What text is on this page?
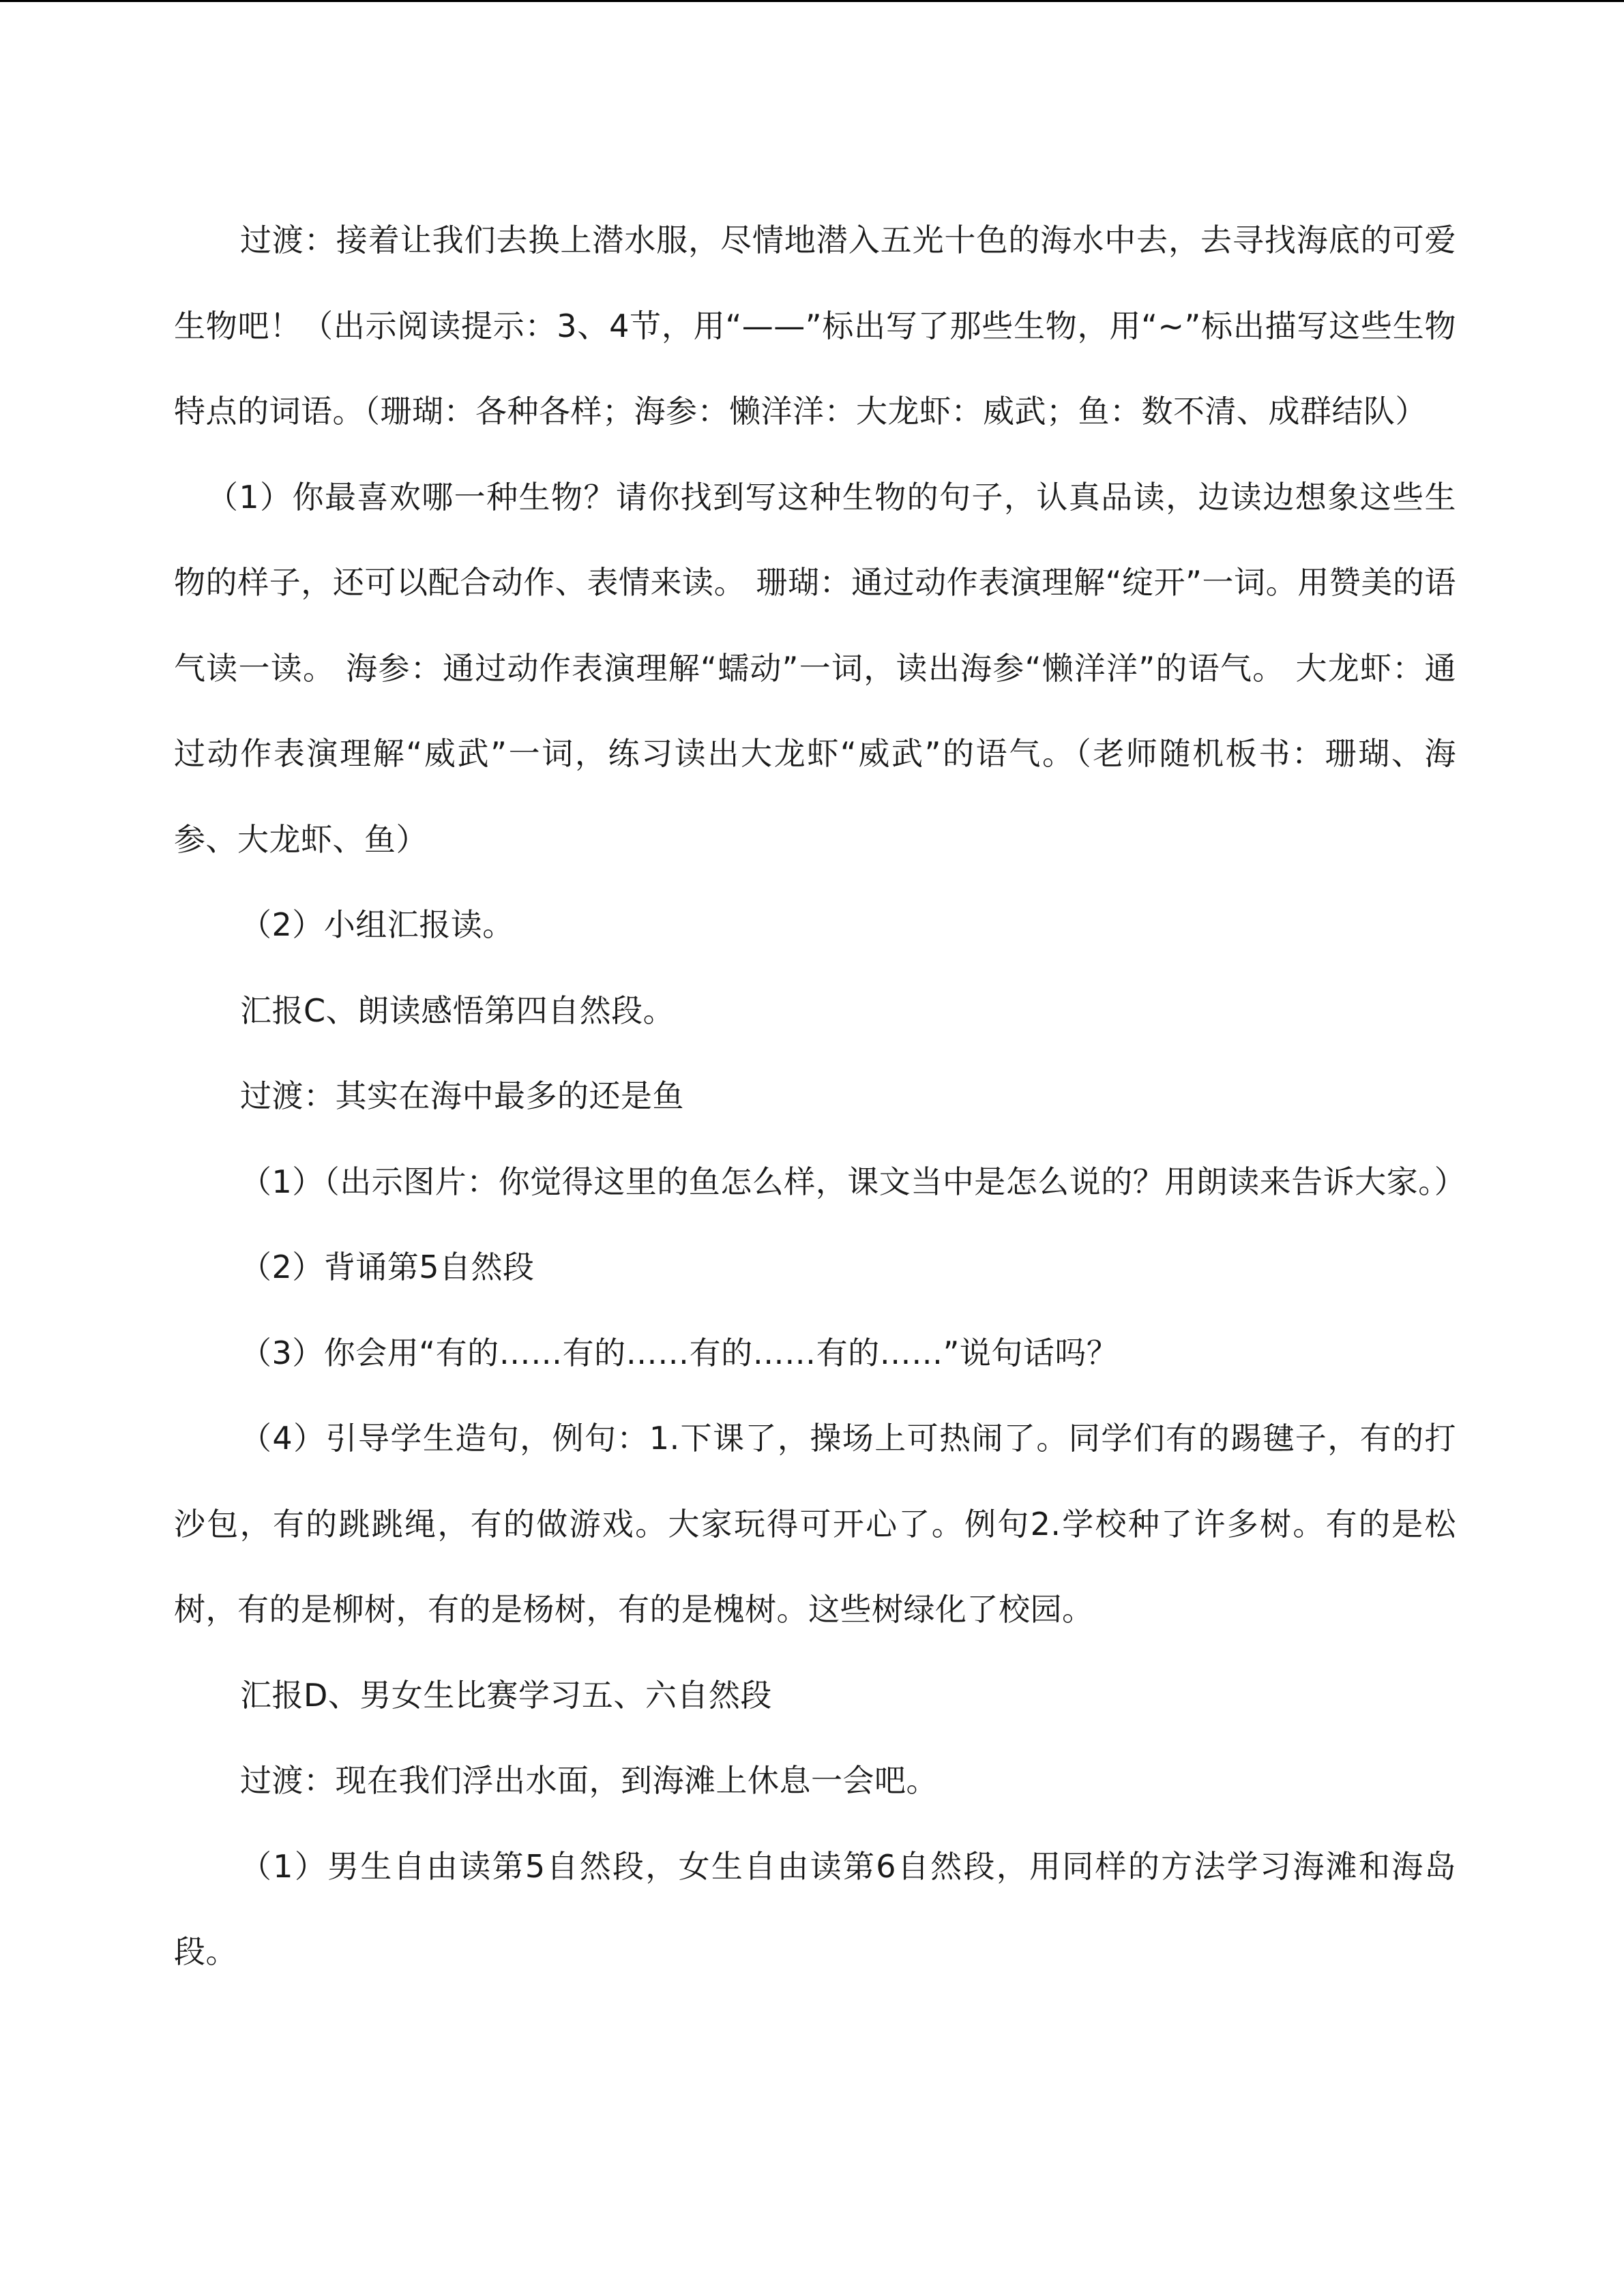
过渡：接着让我们去换上潜水服，尽情地潜入五光十色的海水中去，去寻找海底的可爱生物吧！（出示阅读提示：3、4节，用“——”标出写了那些生物，用“~”标出描写这些生物特点的词语。（珊瑚：各种各样；海参：懒洋洋：大龙虾：威武；鱼：数不清、成群结队）

（1）你最喜欢哪一种生物？请你找到写这种生物的句子，认真品读，边读边想象这些生物的样子，还可以配合动作、表情来读。 珊瑚：通过动作表演理解“绽开”一词。用赞美的语气读一读。 海参：通过动作表演理解“蠕动”一词，读出海参“懒洋洋”的语气。 大龙虾：通过动作表演理解“威武”一词，练习读出大龙虾“威武”的语气。（老师随机板书：珊瑚、海参、大龙虾、鱼）

（2）小组汇报读。

汇报C、朗读感悟第四自然段。

过渡：其实在海中最多的还是鱼

（1）（出示图片：你觉得这里的鱼怎么样，课文当中是怎么说的？用朗读来告诉大家。）

（2）背诵第5自然段

（3）你会用“有的……有的……有的……有的……”说句话吗？

（4）引导学生造句，例句：1.下课了，操场上可热闹了。同学们有的踢毽子，有的打沙包，有的跳跳绳，有的做游戏。大家玩得可开心了。例句2.学校种了许多树。有的是松树，有的是柳树，有的是杨树，有的是槐树。这些树绿化了校园。

汇报D、男女生比赛学习五、六自然段

过渡：现在我们浮出水面，到海滩上休息一会吧。

（1）男生自由读第5自然段，女生自由读第6自然段，用同样的方法学习海滩和海岛段。
